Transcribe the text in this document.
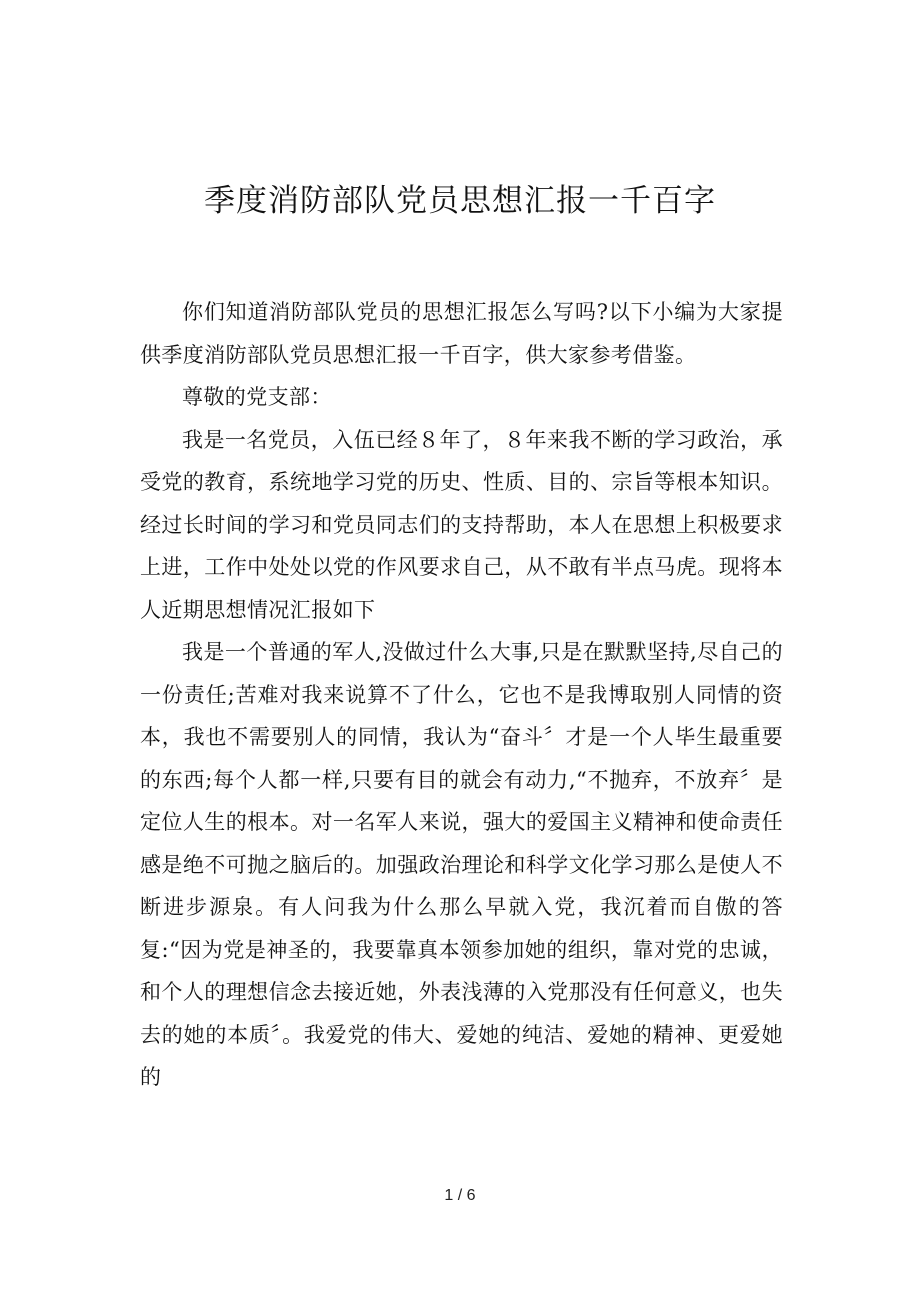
季度消防部队党员思想汇报一千百字

你们知道消防部队党员的思想汇报怎么写吗?以下小编为大家提供季度消防部队党员思想汇报一千百字，供大家参考借鉴。

尊敬的党支部：

我是一名党员，入伍已经８年了，８年来我不断的学习政治，承受党的教育，系统地学习党的历史、性质、目的、宗旨等根本知识。经过长时间的学习和党员同志们的支持帮助，本人在思想上积极要求上进，工作中处处以党的作风要求自己，从不敢有半点马虎。现将本人近期思想情况汇报如下

我是一个普通的军人,没做过什么大事,只是在默默坚持,尽自己的一份责任;苦难对我来说算不了什么，它也不是我博取别人同情的资本，我也不需要别人的同情，我认为“奋斗〞才是一个人毕生最重要的东西;每个人都一样,只要有目的就会有动力,“不抛弃，不放弃〞是定位人生的根本。对一名军人来说，强大的爱国主义精神和使命责任感是绝不可抛之脑后的。加强政治理论和科学文化学习那么是使人不断进步源泉。有人问我为什么那么早就入党，我沉着而自傲的答复:“因为党是神圣的，我要靠真本领参加她的组织，靠对党的忠诚，和个人的理想信念去接近她，外表浅薄的入党那没有任何意义，也失去的她的本质〞。我爱党的伟大、爱她的纯洁、爱她的精神、更爱她的

1 / 6
